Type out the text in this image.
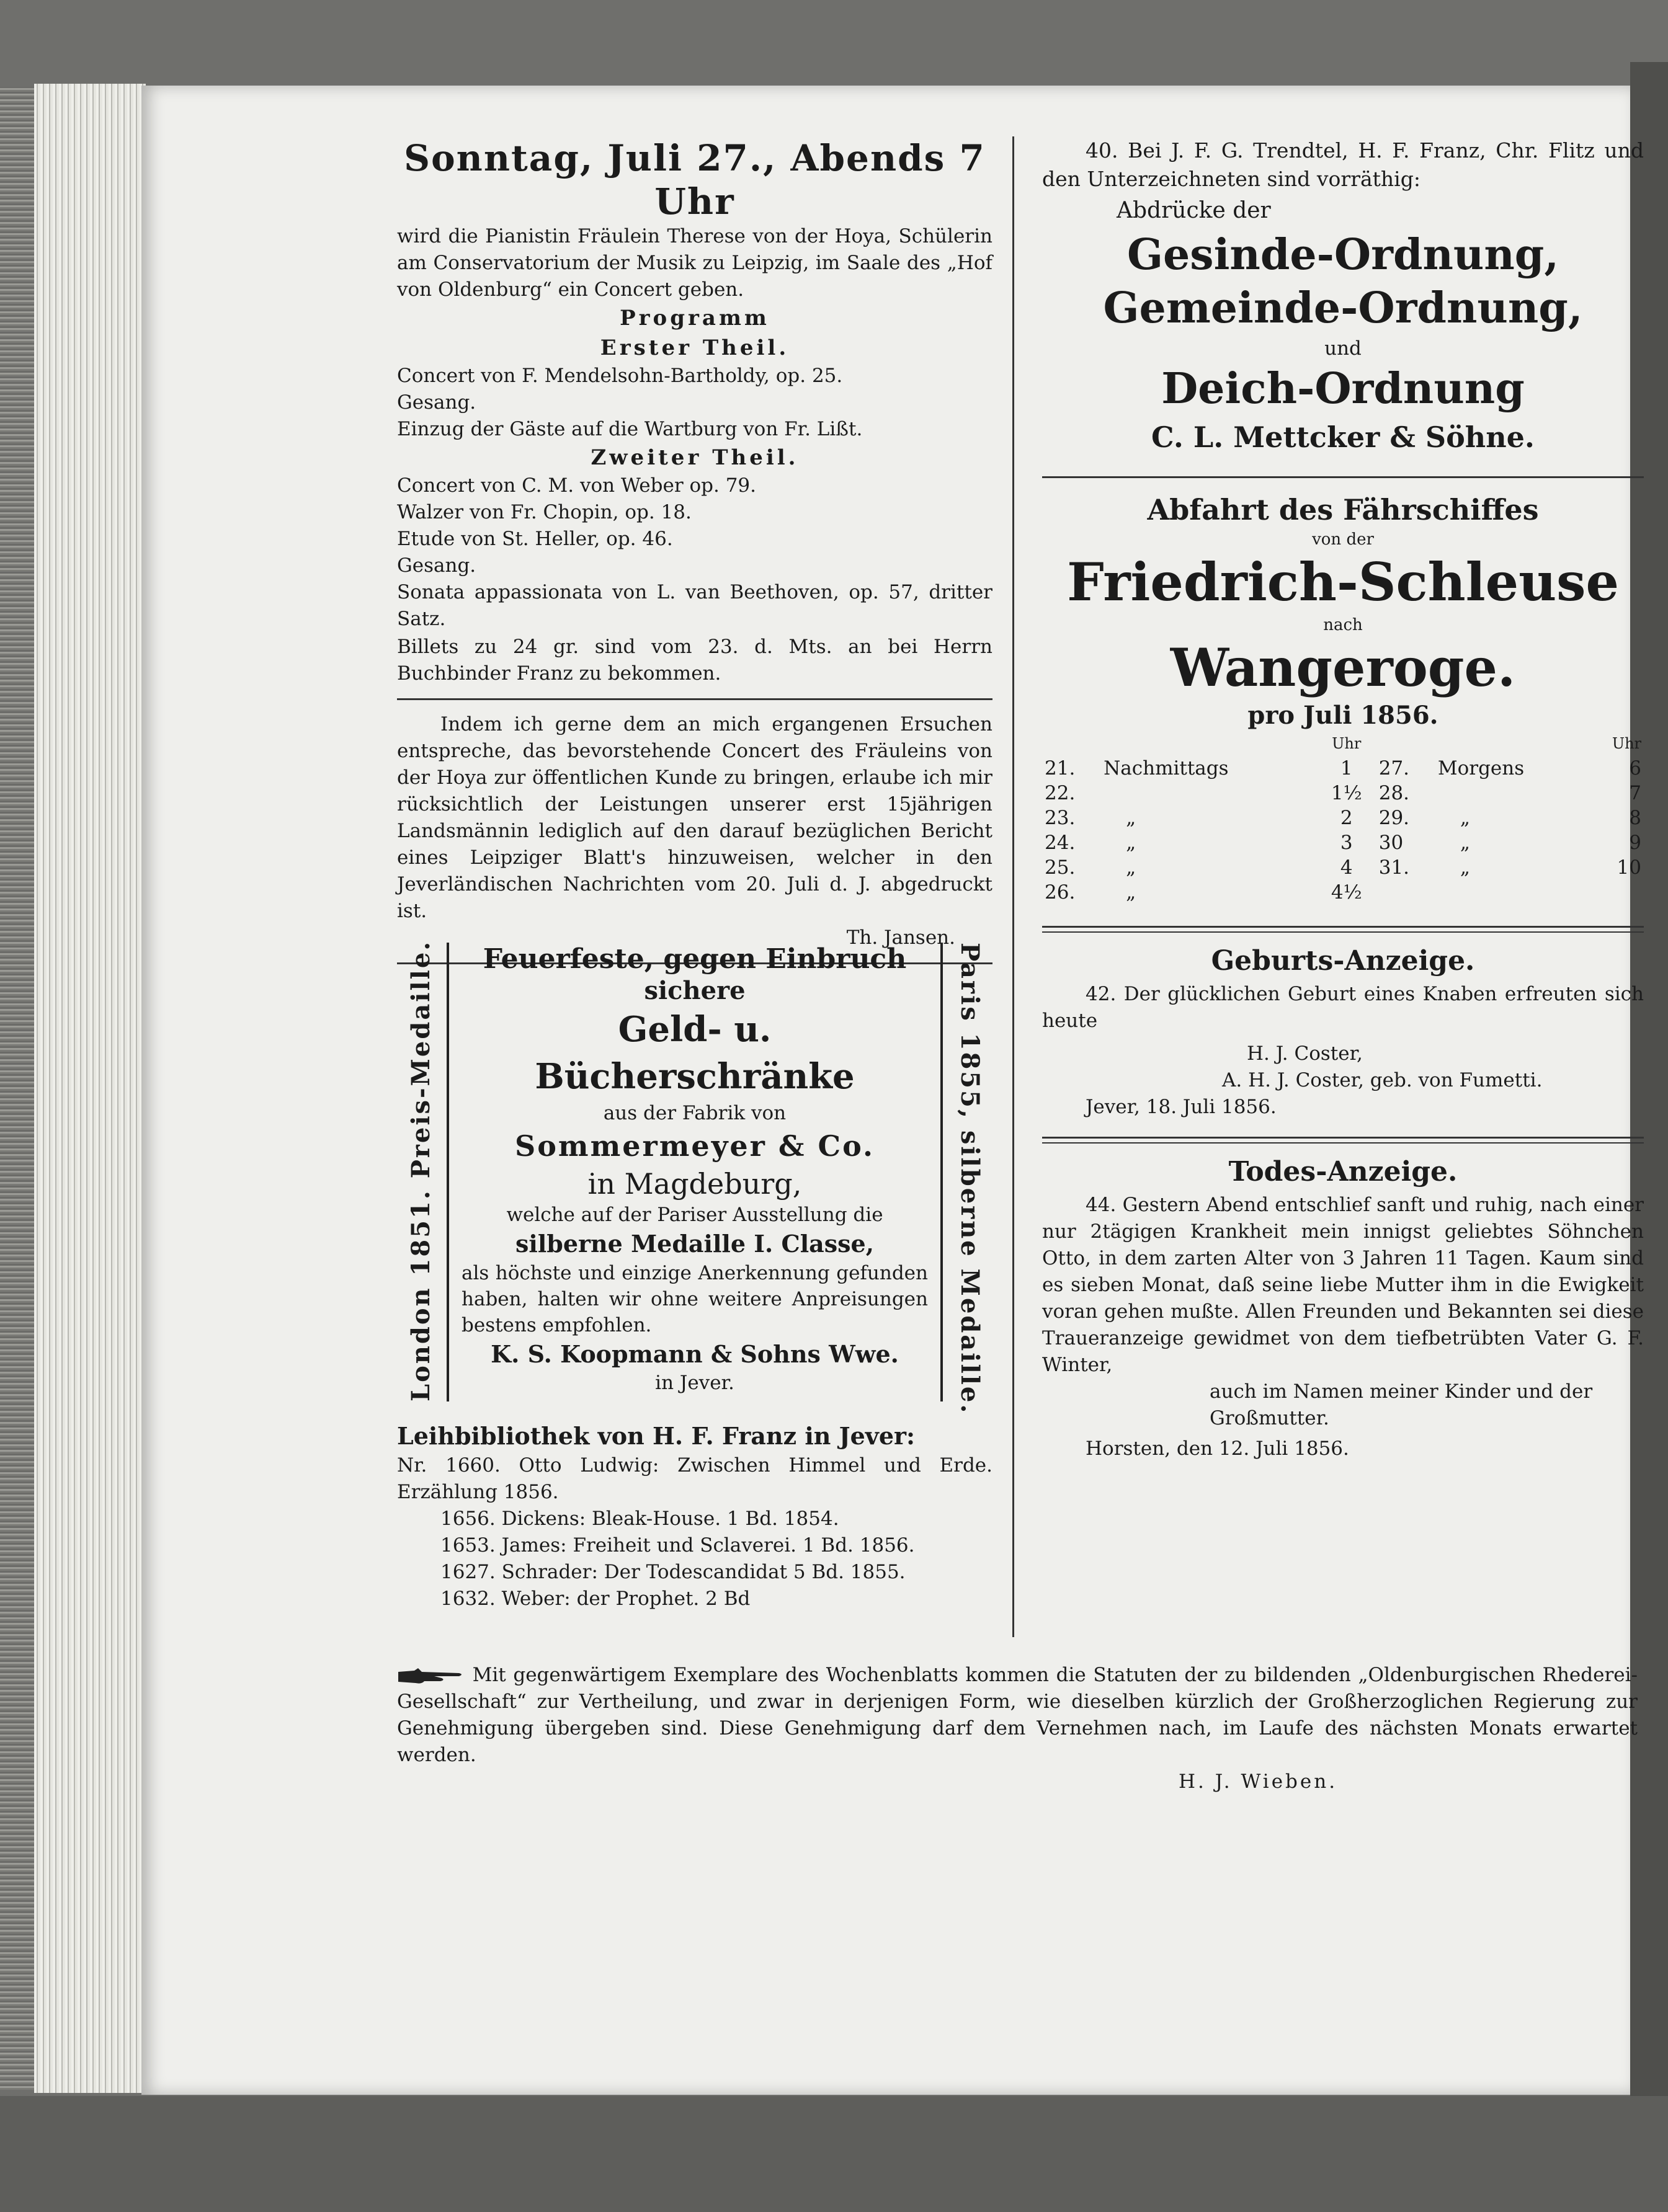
Sonntag, Juli 27., Abends 7 Uhr

wird die Pianistin Fräulein Therese von der Hoya, Schülerin am Conservatorium der Musik zu Leipzig, im Saale des „Hof von Oldenburg“ ein Concert geben.

Programm
Erster Theil.

Concert von F. Mendelsohn-Bartholdy, op. 25.

Gesang.

Einzug der Gäste auf die Wartburg von Fr. Lißt.

Zweiter Theil.

Concert von C. M. von Weber op. 79.

Walzer von Fr. Chopin, op. 18.

Etude von St. Heller, op. 46.

Gesang.

Sonata appassionata von L. van Beethoven, op. 57, dritter Satz.

Billets zu 24 gr. sind vom 23. d. Mts. an bei Herrn Buchbinder Franz zu bekommen.

Indem ich gerne dem an mich ergangenen Ersuchen entspreche, das bevorstehende Concert des Fräuleins von der Hoya zur öffentlichen Kunde zu bringen, erlaube ich mir rücksichtlich der Leistungen unserer erst 15jährigen Landsmännin lediglich auf den darauf bezüglichen Bericht eines Leipziger Blatt's hinzuweisen, welcher in den Jeverländischen Nachrichten vom 20. Juli d. J. abgedruckt ist.

Th. Jansen.

London 1851. Preis-Medaille.	Paris 1855, silberne Medaille.
Feuerfeste, gegen Einbruch
sichere
Geld- u. Bücherschränke
aus der Fabrik von
Sommermeyer & Co.
in Magdeburg,
welche auf der Pariser Ausstellung die
silberne Medaille I. Classe,
als höchste und einzige Anerkennung gefunden haben, halten wir ohne weitere Anpreisungen bestens empfohlen.
K. S. Koopmann & Sohns Wwe.
in Jever.
Leihbibliothek von H. F. Franz in Jever:

Nr. 1660. Otto Ludwig: Zwischen Himmel und Erde. Erzählung 1856.

1656. Dickens: Bleak-House. 1 Bd. 1854.

1653. James: Freiheit und Sclaverei. 1 Bd. 1856.

1627. Schrader: Der Todescandidat 5 Bd. 1855.

1632. Weber: der Prophet. 2 Bd

40. Bei J. F. G. Trendtel, H. F. Franz, Chr. Flitz und den Unterzeichneten sind vorräthig:

Abdrücke der
Gesinde-Ordnung,
Gemeinde-Ordnung,
und
Deich-Ordnung
C. L. Mettcker & Söhne.
Abfahrt des Fährschiffes
von der
Friedrich-Schleuse
nach
Wangeroge.
pro Juli 1856.
		Uhr			Uhr
21.	Nachmittags	1	27.	Morgens	6
22.		1½	28.		7
23.	„	2	29.	„	8
24.	„	3	30	„	9
25.	„	4	31.	„	10
26.	„	4½			
Geburts-Anzeige.

42. Der glücklichen Geburt eines Knaben erfreuten sich heute

H. J. Coster,

A. H. J. Coster, geb. von Fumetti.

Jever, 18. Juli 1856.

Todes-Anzeige.

44. Gestern Abend entschlief sanft und ruhig, nach einer nur 2tägigen Krankheit mein innigst geliebtes Söhnchen Otto, in dem zarten Alter von 3 Jahren 11 Tagen. Kaum sind es sieben Monat, daß seine liebe Mutter ihm in die Ewigkeit voran gehen mußte. Allen Freunden und Bekannten sei diese Traueranzeige gewidmet von dem tiefbetrübten Vater G. F. Winter,

auch im Namen meiner Kinder und der Großmutter.

Horsten, den 12. Juli 1856.

Mit gegenwärtigem Exemplare des Wochenblatts kommen die Statuten der zu bildenden „Oldenburgischen Rhederei-Gesellschaft“ zur Vertheilung, und zwar in derjenigen Form, wie dieselben kürzlich der Großherzoglichen Regierung zur Genehmigung übergeben sind. Diese Genehmigung darf dem Vernehmen nach, im Laufe des nächsten Monats erwartet werden.

H. J. Wieben.
